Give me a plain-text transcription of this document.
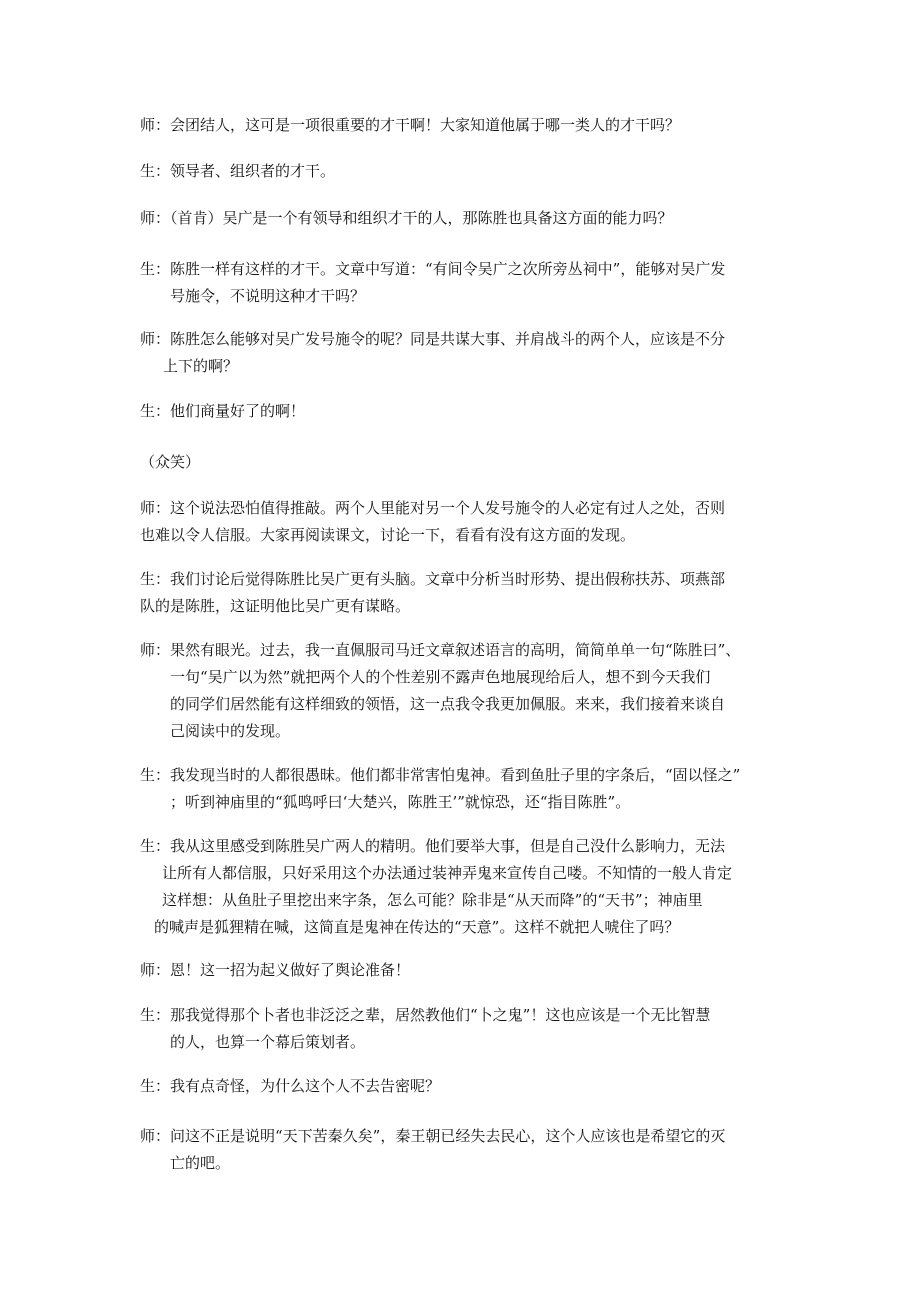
师：会团结人，这可是一项很重要的才干啊！大家知道他属于哪一类人的才干吗？

生：领导者、组织者的才干。

师：（首肯）吴广是一个有领导和组织才干的人，那陈胜也具备这方面的能力吗？

生：陈胜一样有这样的才干。文章中写道：“有间令吴广之次所旁丛祠中”，能够对吴广发
号施令，不说明这种才干吗？

师：陈胜怎么能够对吴广发号施令的呢？同是共谋大事、并肩战斗的两个人，应该是不分
上下的啊？

生：他们商量好了的啊！

（众笑）

师：这个说法恐怕值得推敲。两个人里能对另一个人发号施令的人必定有过人之处，否则
也难以令人信服。大家再阅读课文，讨论一下，看看有没有这方面的发现。

生：我们讨论后觉得陈胜比吴广更有头脑。文章中分析当时形势、提出假称扶苏、项燕部
队的是陈胜，这证明他比吴广更有谋略。

师：果然有眼光。过去，我一直佩服司马迁文章叙述语言的高明，简简单单一句“陈胜曰”、
一句“吴广以为然”就把两个人的个性差别不露声色地展现给后人，想不到今天我们
的同学们居然能有这样细致的领悟，这一点我令我更加佩服。来来，我们接着来谈自
己阅读中的发现。

生：我发现当时的人都很愚昧。他们都非常害怕鬼神。看到鱼肚子里的字条后，“固以怪之”
；听到神庙里的“狐鸣呼曰‘大楚兴，陈胜王’”就惊恐，还“指目陈胜”。

生：我从这里感受到陈胜吴广两人的精明。他们要举大事，但是自己没什么影响力，无法
让所有人都信服，只好采用这个办法通过装神弄鬼来宣传自己喽。不知情的一般人肯定
这样想：从鱼肚子里挖出来字条，怎么可能？除非是“从天而降”的“天书”；神庙里
的喊声是狐狸精在喊，这简直是鬼神在传达的“天意”。这样不就把人唬住了吗？

师：恩！这一招为起义做好了舆论准备！

生：那我觉得那个卜者也非泛泛之辈，居然教他们“卜之鬼”！这也应该是一个无比智慧
的人，也算一个幕后策划者。

生：我有点奇怪，为什么这个人不去告密呢？

师：问这不正是说明“天下苦秦久矣”，秦王朝已经失去民心，这个人应该也是希望它的灭
亡的吧。
